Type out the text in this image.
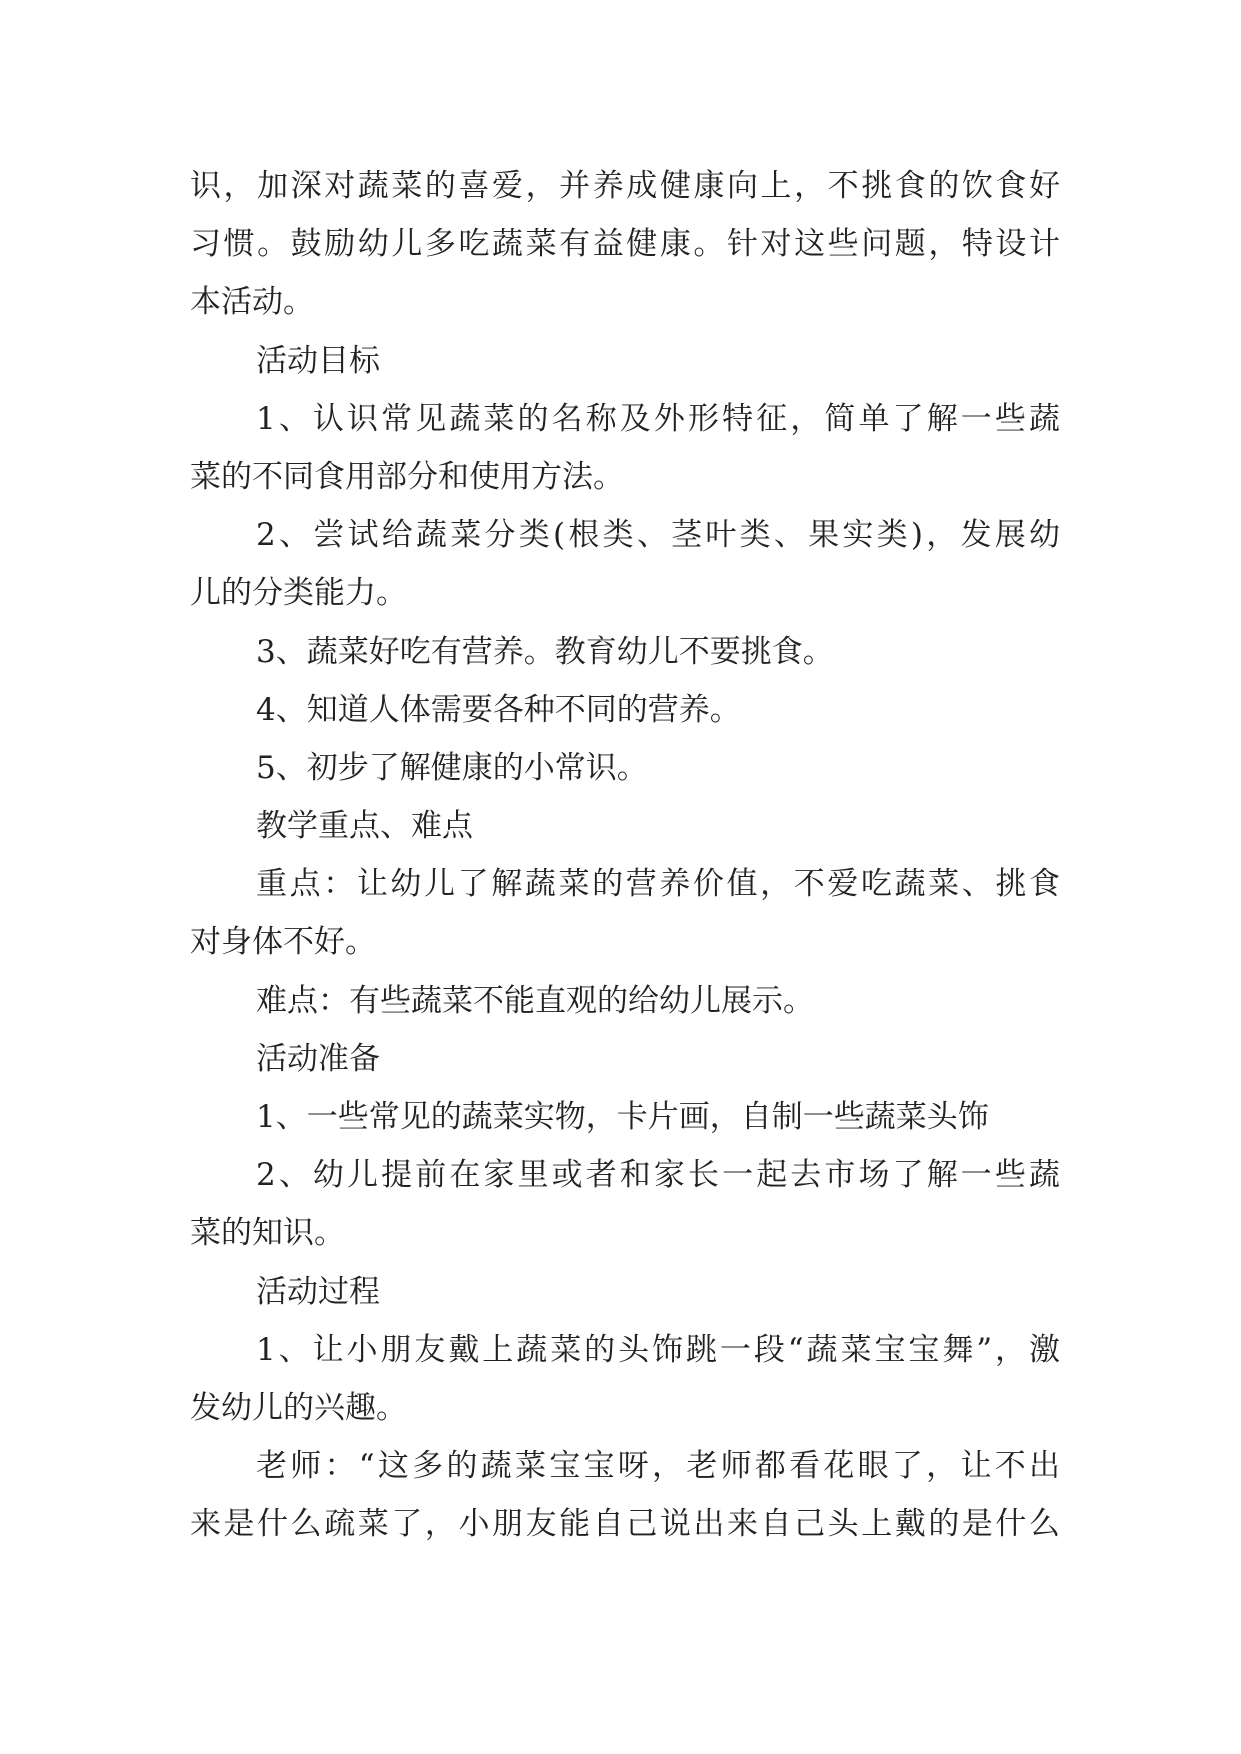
识，加深对蔬菜的喜爱，并养成健康向上，不挑食的饮食好
习惯。鼓励幼儿多吃蔬菜有益健康。针对这些问题，特设计
本活动。
活动目标
1、认识常见蔬菜的名称及外形特征，简单了解一些蔬
菜的不同食用部分和使用方法。
2、尝试给蔬菜分类(根类、茎叶类、果实类)，发展幼
儿的分类能力。
3、蔬菜好吃有营养。教育幼儿不要挑食。
4、知道人体需要各种不同的营养。
5、初步了解健康的小常识。
教学重点、难点
重点：让幼儿了解蔬菜的营养价值，不爱吃蔬菜、挑食
对身体不好。
难点：有些蔬菜不能直观的给幼儿展示。
活动准备
1、一些常见的蔬菜实物，卡片画，自制一些蔬菜头饰
2、幼儿提前在家里或者和家长一起去市场了解一些蔬
菜的知识。
活动过程
1、让小朋友戴上蔬菜的头饰跳一段“蔬菜宝宝舞”，激
发幼儿的兴趣。
老师：“这多的蔬菜宝宝呀，老师都看花眼了，让不出
来是什么疏菜了，小朋友能自己说出来自己头上戴的是什么
